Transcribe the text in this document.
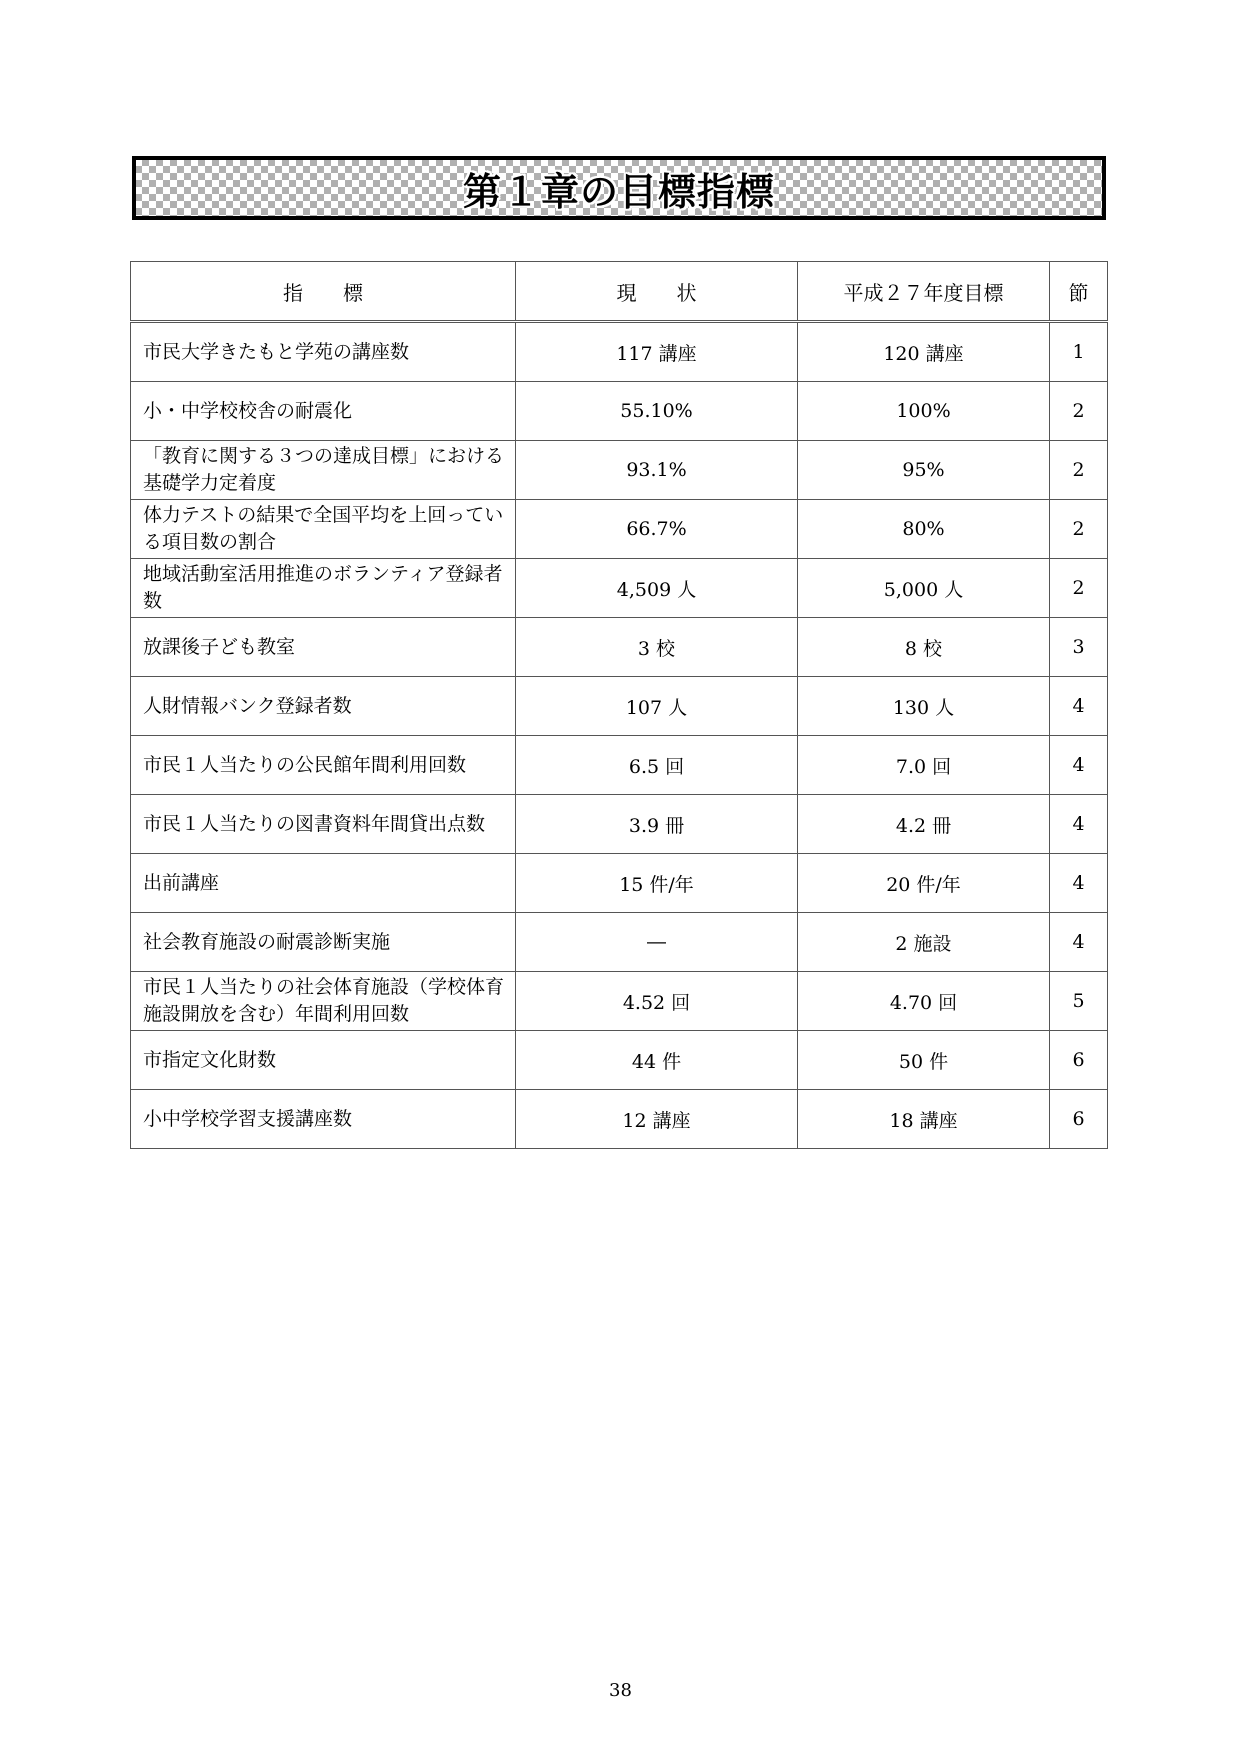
第１章の目標指標
指　　標	現　　状	平成２７年度目標	節
市民大学きたもと学苑の講座数	117 講座	120 講座	1
小・中学校校舎の耐震化	55.10%	100%	2
「教育に関する３つの達成目標」における基礎学力定着度	93.1%	95%	2
体力テストの結果で全国平均を上回っている項目数の割合	66.7%	80%	2
地域活動室活用推進のボランティア登録者数	4,509 人	5,000 人	2
放課後子ども教室	3 校	8 校	3
人財情報バンク登録者数	107 人	130 人	4
市民１人当たりの公民館年間利用回数	6.5 回	7.0 回	4
市民１人当たりの図書資料年間貸出点数	3.9 冊	4.2 冊	4
出前講座	15 件/年	20 件/年	4
社会教育施設の耐震診断実施	―	2 施設	4
市民１人当たりの社会体育施設（学校体育施設開放を含む）年間利用回数	4.52 回	4.70 回	5
市指定文化財数	44 件	50 件	6
小中学校学習支援講座数	12 講座	18 講座	6
38
